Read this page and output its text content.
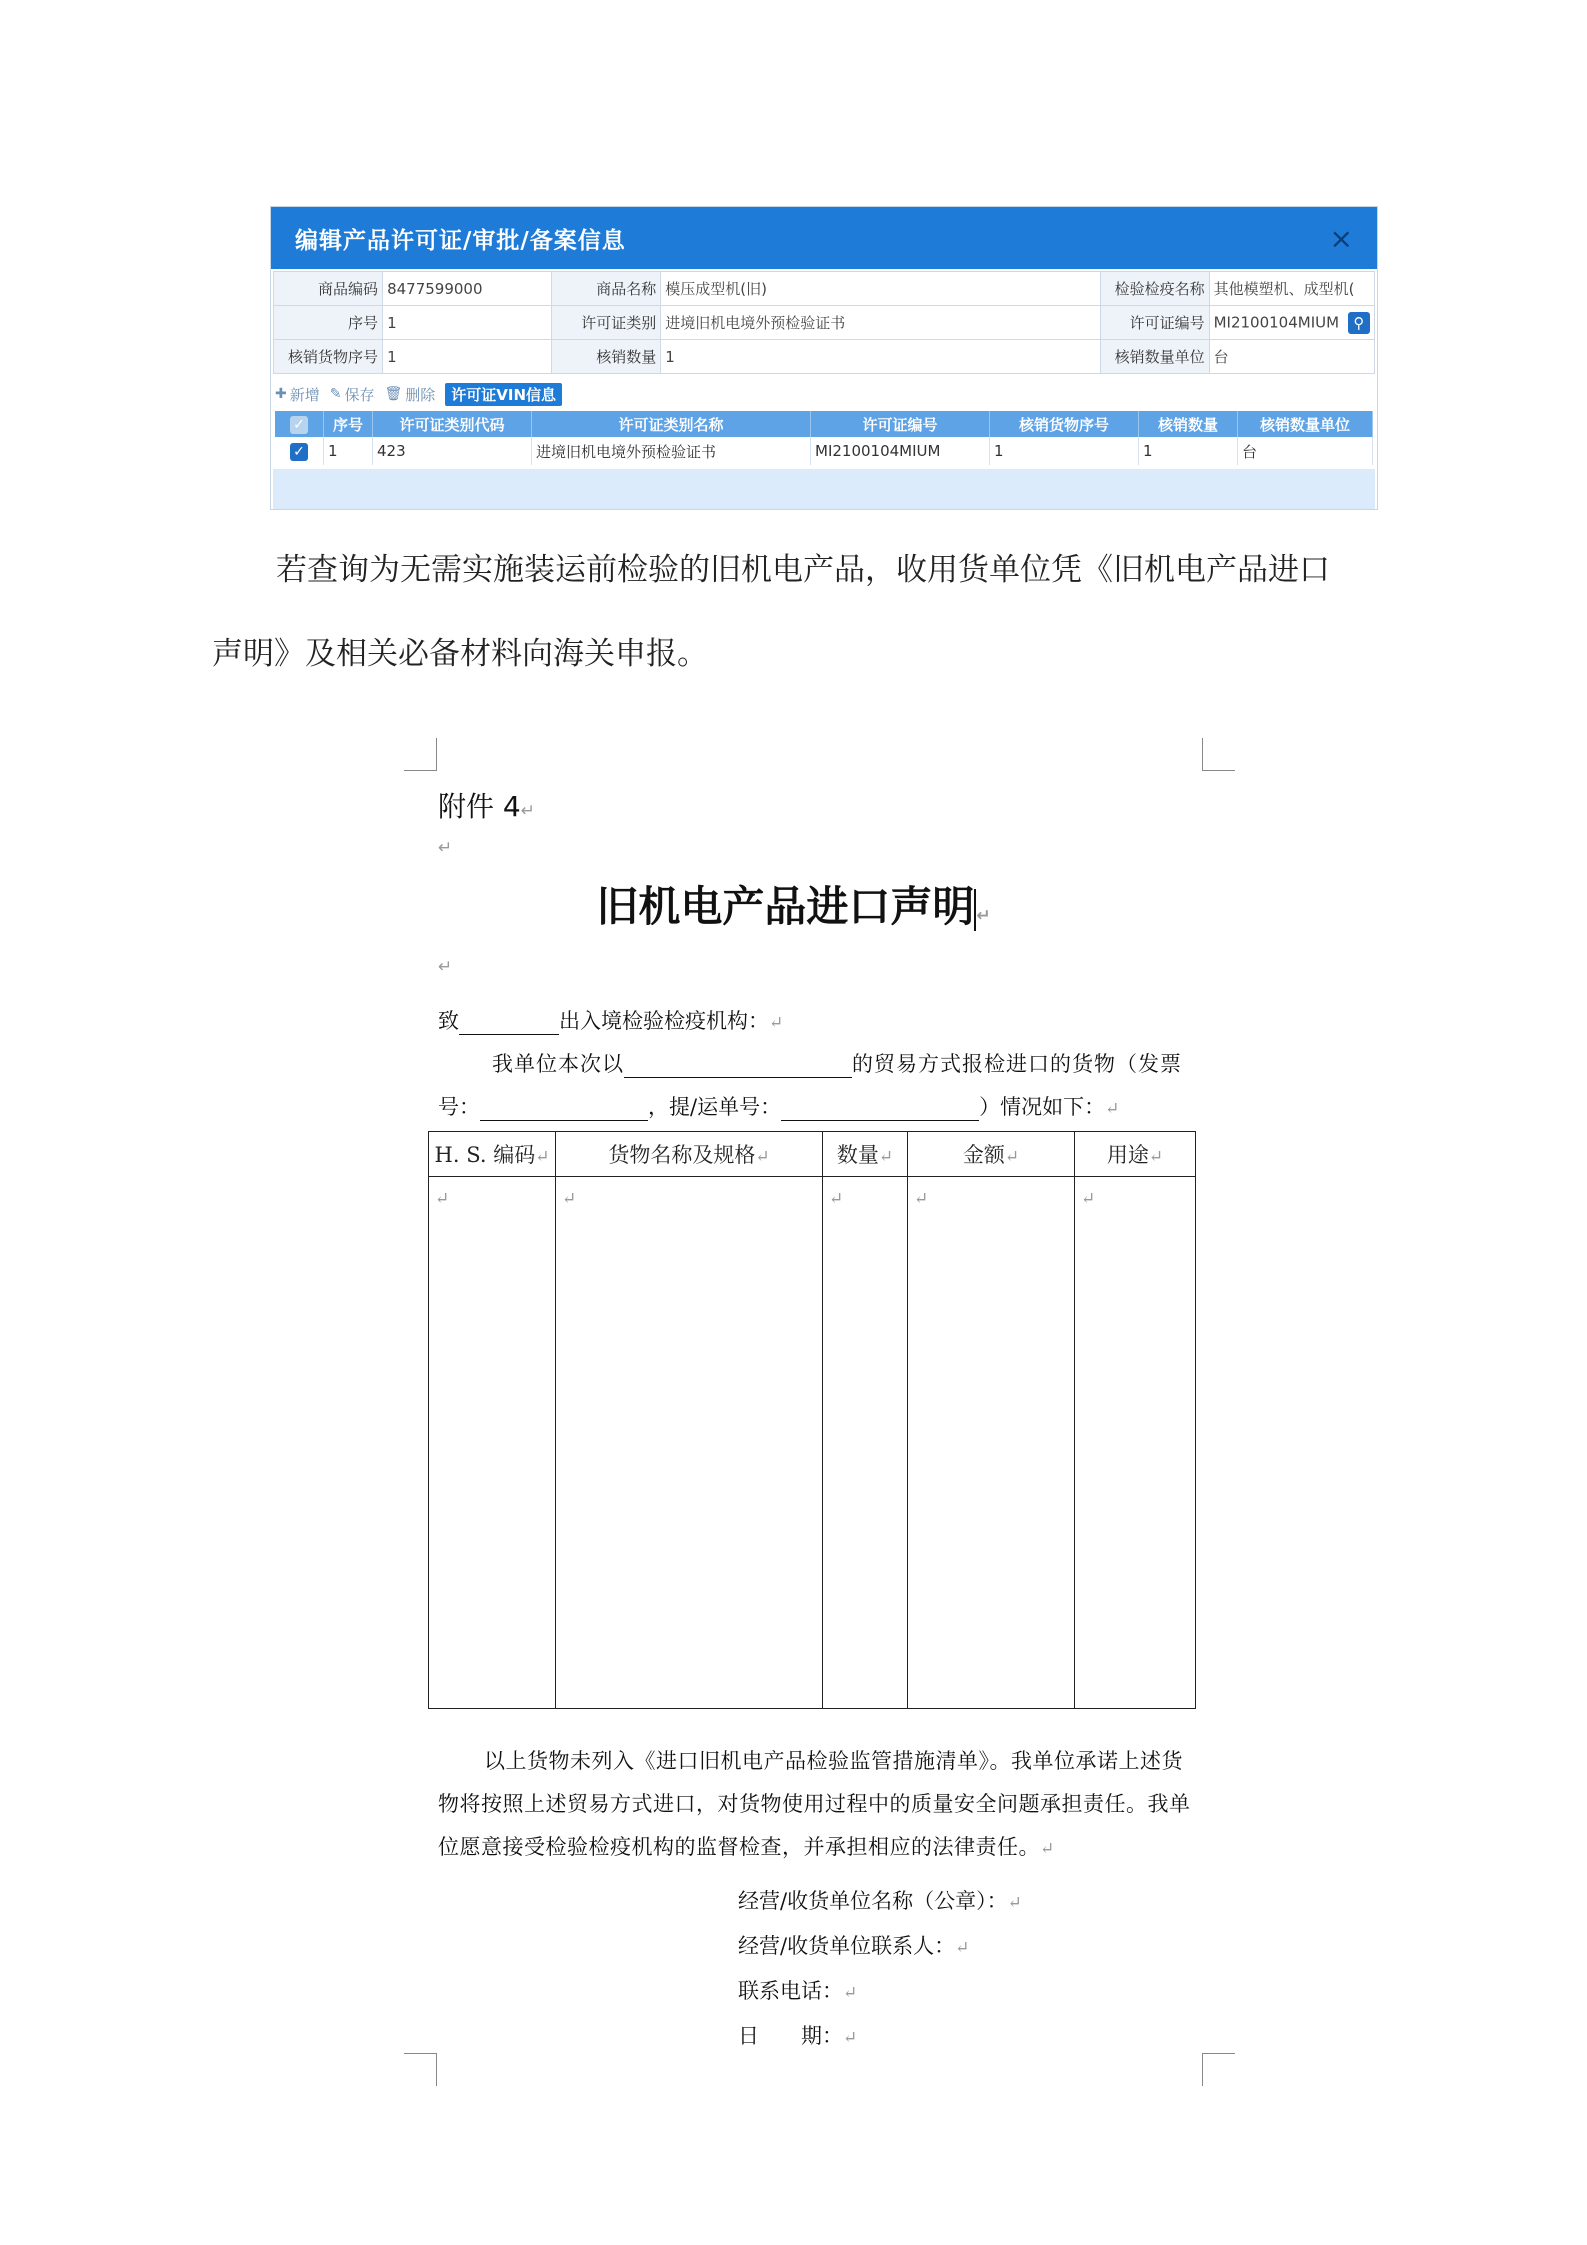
编辑产品许可证/审批/备案信息	×
商品编码	8477599000	商品名称	模压成型机(旧)	检验检疫名称	其他模塑机、成型机(
序号	1	许可证类别	进境旧机电境外预检验证书	许可证编号	MI2100104MIUM ⚲
核销货物序号	1	核销数量	1	核销数量单位	台
✚ 新增 ✎ 保存 🗑 删除	许可证VIN信息
✓	序号	许可证类别代码	许可证类别名称	许可证编号	核销货物序号	核销数量	核销数量单位
✓	1	423	进境旧机电境外预检验证书	MI2100104MIUM	1	1	台
若查询为无需实施装运前检验的旧机电产品，收用货单位凭《旧机电产品进口
声明》及相关必备材料向海关申报。
附件 4↵
↵
旧机电产品进口声明 ↵
↵
致	出入境检验检疫机构：↵
我单位本次以	的贸易方式报检进口的货物（发票
号：	，提/运单号：	）情况如下：↵
H. S. 编码↵	货物名称及规格↵	数量↵	金额↵	用途↵
↵	↵	↵	↵	↵
以上货物未列入《进口旧机电产品检验监管措施清单》。我单位承诺上述货
物将按照上述贸易方式进口，对货物使用过程中的质量安全问题承担责任。我单
位愿意接受检验检疫机构的监督检查，并承担相应的法律责任。↵
经营/收货单位名称（公章）：↵
经营/收货单位联系人：↵
联系电话：↵
日　　期：↵
